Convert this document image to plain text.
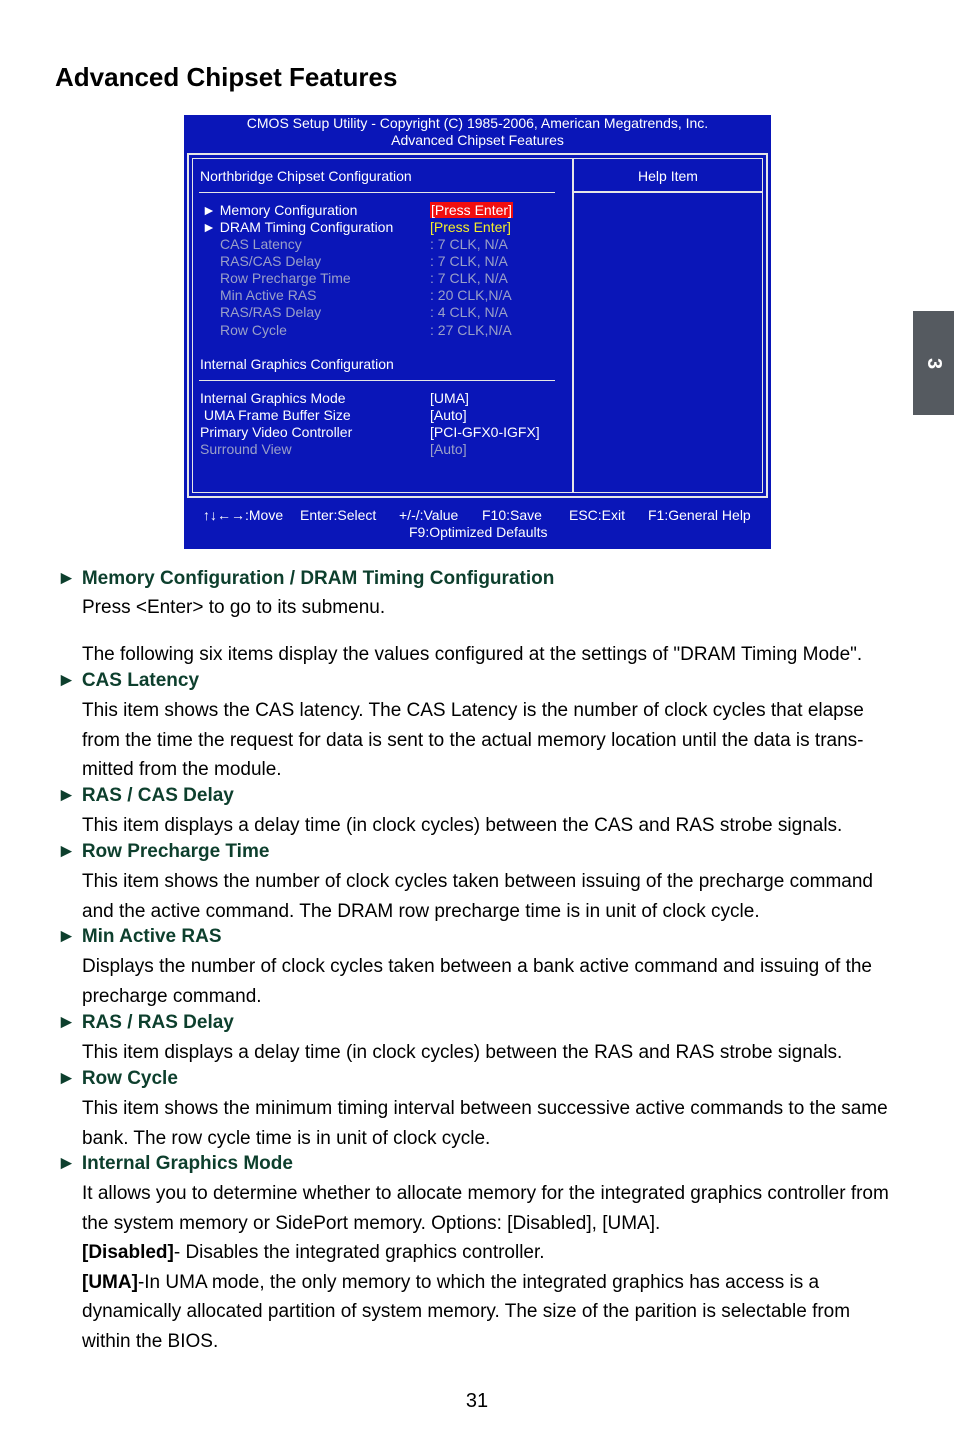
Advanced Chipset Features
3
CMOS Setup Utility - Copyright (C) 1985-2006, American Megatrends, Inc.
Advanced Chipset Features
Northbridge Chipset Configuration
► Memory Configuration	[Press Enter]
► DRAM Timing Configuration	[Press Enter]
CAS Latency	: 7 CLK, N/A
RAS/CAS Delay	: 7 CLK, N/A
Row Precharge Time	: 7 CLK, N/A
Min Active RAS	: 20 CLK,N/A
RAS/RAS Delay	: 4 CLK, N/A
Row Cycle	: 27 CLK,N/A
Internal Graphics Configuration
Internal Graphics Mode	[UMA]
UMA Frame Buffer Size	[Auto]
Primary Video Controller	[PCI-GFX0-IGFX]
Surround View	[Auto]
Help Item
↑↓←→:Move Enter:Select +/-/:Value F10:Save ESC:Exit F1:General Help
F9:Optimized Defaults
► Memory Configuration / DRAM Timing Configuration
Press <Enter> to go to its submenu.
The following six items display the values configured at the settings of "DRAM Timing Mode".
► CAS Latency
This item shows the CAS latency. The CAS Latency is the number of clock cycles that elapse from the time the request for data is sent to the actual memory location until the data is trans-mitted from the module.
► RAS / CAS Delay
This item displays a delay time (in clock cycles) between the CAS and RAS strobe signals.
► Row Precharge Time
This item shows the number of clock cycles taken between issuing of the precharge command and the active command. The DRAM row precharge time is in unit of clock cycle.
► Min Active RAS
Displays the number of clock cycles taken between a bank active command and issuing of the precharge command.
► RAS / RAS Delay
This item displays a delay time (in clock cycles) between the RAS and RAS strobe signals.
► Row Cycle
This item shows the minimum timing interval between successive active commands to the same bank. The row cycle time is in unit of clock cycle.
► Internal Graphics Mode
It allows you to determine whether to allocate memory for the integrated graphics controller from the system memory or SidePort memory. Options: [Disabled], [UMA].
[Disabled]- Disables the integrated graphics controller.
[UMA]-In UMA mode, the only memory to which the integrated graphics has access is a dynamically allocated partition of system memory. The size of the parition is selectable from within the BIOS.
31
